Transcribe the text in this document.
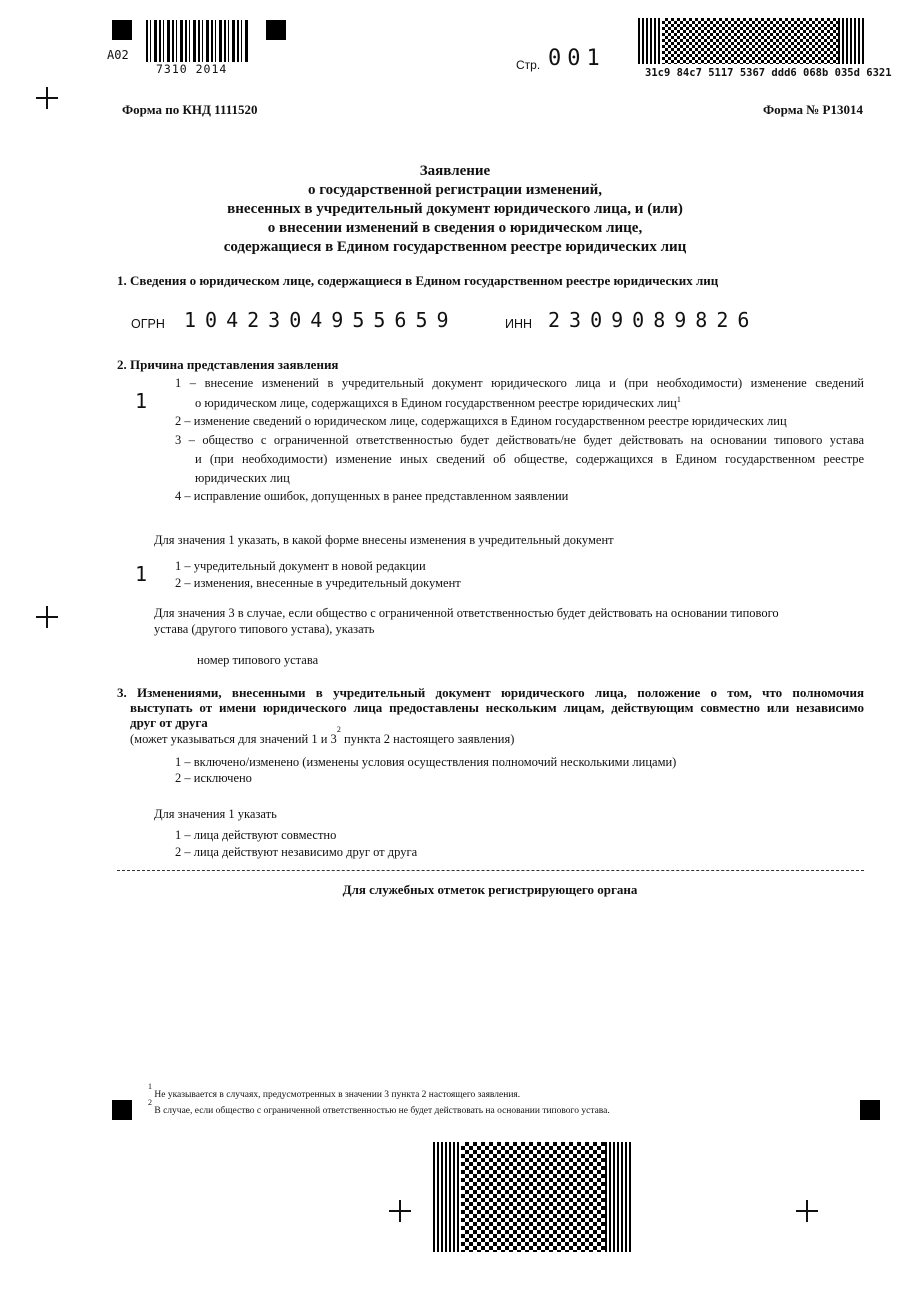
A02
7310 2014	Стр. 001
31c9 84c7 5117 5367 ddd6 068b 035d 6321
Форма по КНД 1111520	Форма № Р13014
Заявление
о государственной регистрации изменений,
внесенных в учредительный документ юридического лица, и (или)
о внесении изменений в сведения о юридическом лице,
содержащиеся в Едином государственном реестре юридических лиц
1. Сведения о юридическом лице, содержащиеся в Едином государственном реестре юридических лиц
ОГРН 1042304955659	ИНН 2309089826
2. Причина представления заявления
1
1 – внесение изменений в учредительный документ юридического лица и (при необходимости) изменение сведений
о юридическом лице, содержащихся в Едином государственном реестре юридических лиц$^1$
2 – изменение сведений о юридическом лице, содержащихся в Едином государственном реестре юридических лиц
3 – общество с ограниченной ответственностью будет действовать/не будет действовать на основании типового устава
и (при необходимости) изменение иных сведений об обществе, содержащихся в Едином государственном реестре
юридических лиц
4 – исправление ошибок, допущенных в ранее представленном заявлении
Для значения 1 указать, в какой форме внесены изменения в учредительный документ
1 1 – учредительный документ в новой редакции
2 – изменения, внесенные в учредительный документ
Для значения 3 в случае, если общество с ограниченной ответственностью будет действовать на основании типового
устава (другого типового устава), указать
номер типового устава
3. Изменениями, внесенными в учредительный документ юридического лица, положение о том, что полномочия
выступать от имени юридического лица предоставлены нескольким лицам, действующим совместно или независимо
друг от друга
(может указываться для значений 1 и $3^2$ пункта 2 настоящего заявления)
1 – включено/изменено (изменены условия осуществления полномочий несколькими лицами)
2 – исключено
Для значения 1 указать
1 – лица действуют совместно
2 – лица действуют независимо друг от друга
Для служебных отметок регистрирующего органа
$^1$ Не указывается в случаях, предусмотренных в значении 3 пункта 2 настоящего заявления.
$^2$ В случае, если общество с ограниченной ответственностью не будет действовать на основании типового устава.
